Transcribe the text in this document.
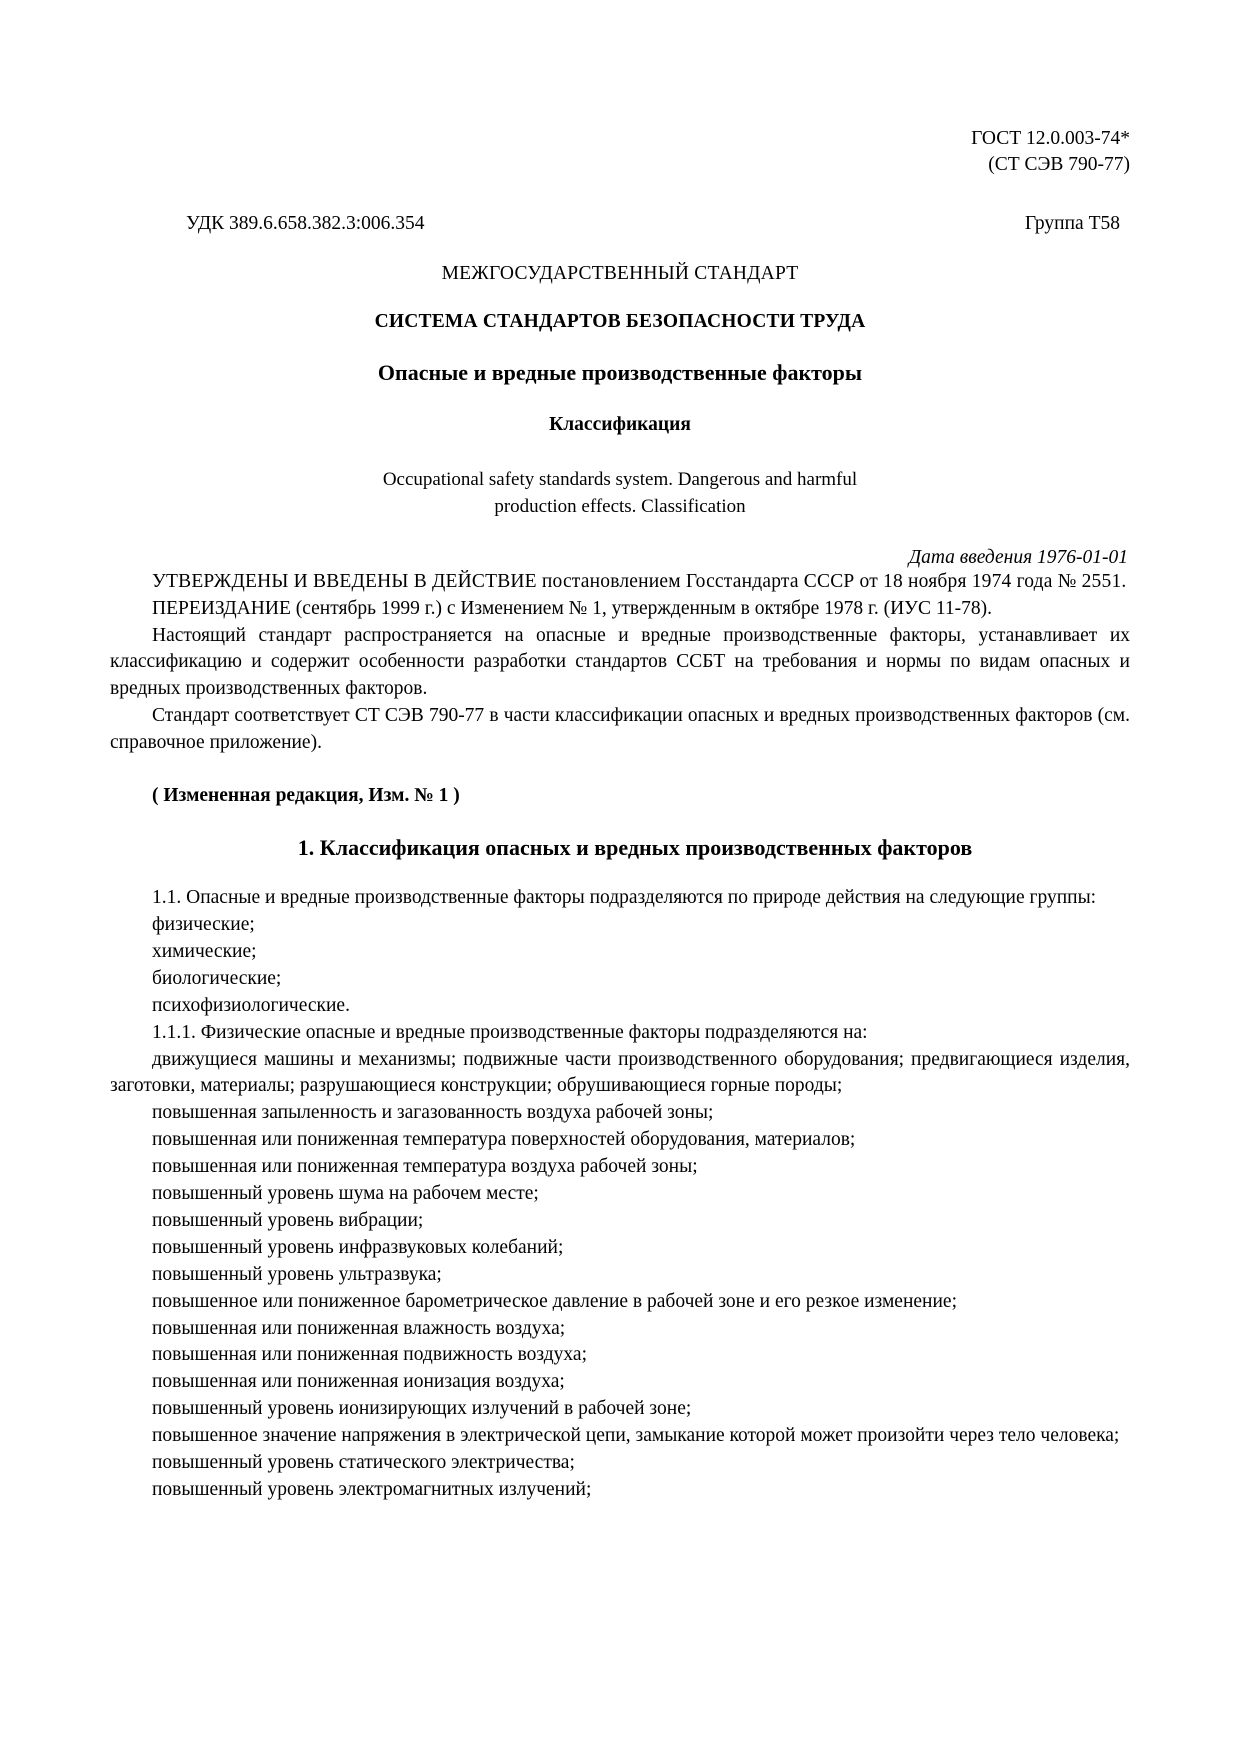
ГОСТ 12.0.003-74*
(СТ СЭВ 790-77)
УДК 389.6.658.382.3:006.354	Группа Т58
МЕЖГОСУДАРСТВЕННЫЙ СТАНДАРТ
СИСТЕМА СТАНДАРТОВ БЕЗОПАСНОСТИ ТРУДА
Опасные и вредные производственные факторы
Классификация
Occupational safety standards system. Dangerous and harmful
production effects. Classification
Дата введения 1976-01-01

УТВЕРЖДЕНЫ И ВВЕДЕНЫ В ДЕЙСТВИЕ постановлением Госстандарта СССР от 18 ноября 1974 года № 2551.

ПЕРЕИЗДАНИЕ (сентябрь 1999 г.) с Изменением № 1, утвержденным в октябре 1978 г. (ИУС 11-78).

Настоящий стандарт распространяется на опасные и вредные производственные факторы, устанавливает их классификацию и содержит особенности разработки стандартов ССБТ на требования и нормы по видам опасных и вредных производственных факторов.

Стандарт соответствует СТ СЭВ 790-77 в части классификации опасных и вредных производственных факторов (см. справочное приложение).

( Измененная редакция, Изм. № 1 )
1. Классификация опасных и вредных производственных факторов

1.1. Опасные и вредные производственные факторы подразделяются по природе действия на следующие группы:

физические;

химические;

биологические;

психофизиологические.

1.1.1. Физические опасные и вредные производственные факторы подразделяются на:

движущиеся машины и механизмы; подвижные части производственного оборудования; предвигающиеся изделия, заготовки, материалы; разрушающиеся конструкции; обрушивающиеся горные породы;

повышенная запыленность и загазованность воздуха рабочей зоны;

повышенная или пониженная температура поверхностей оборудования, материалов;

повышенная или пониженная температура воздуха рабочей зоны;

повышенный уровень шума на рабочем месте;

повышенный уровень вибрации;

повышенный уровень инфразвуковых колебаний;

повышенный уровень ультразвука;

повышенное или пониженное барометрическое давление в рабочей зоне и его резкое изменение;

повышенная или пониженная влажность воздуха;

повышенная или пониженная подвижность воздуха;

повышенная или пониженная ионизация воздуха;

повышенный уровень ионизирующих излучений в рабочей зоне;

повышенное значение напряжения в электрической цепи, замыкание которой может произойти через тело человека;

повышенный уровень статического электричества;

повышенный уровень электромагнитных излучений;
